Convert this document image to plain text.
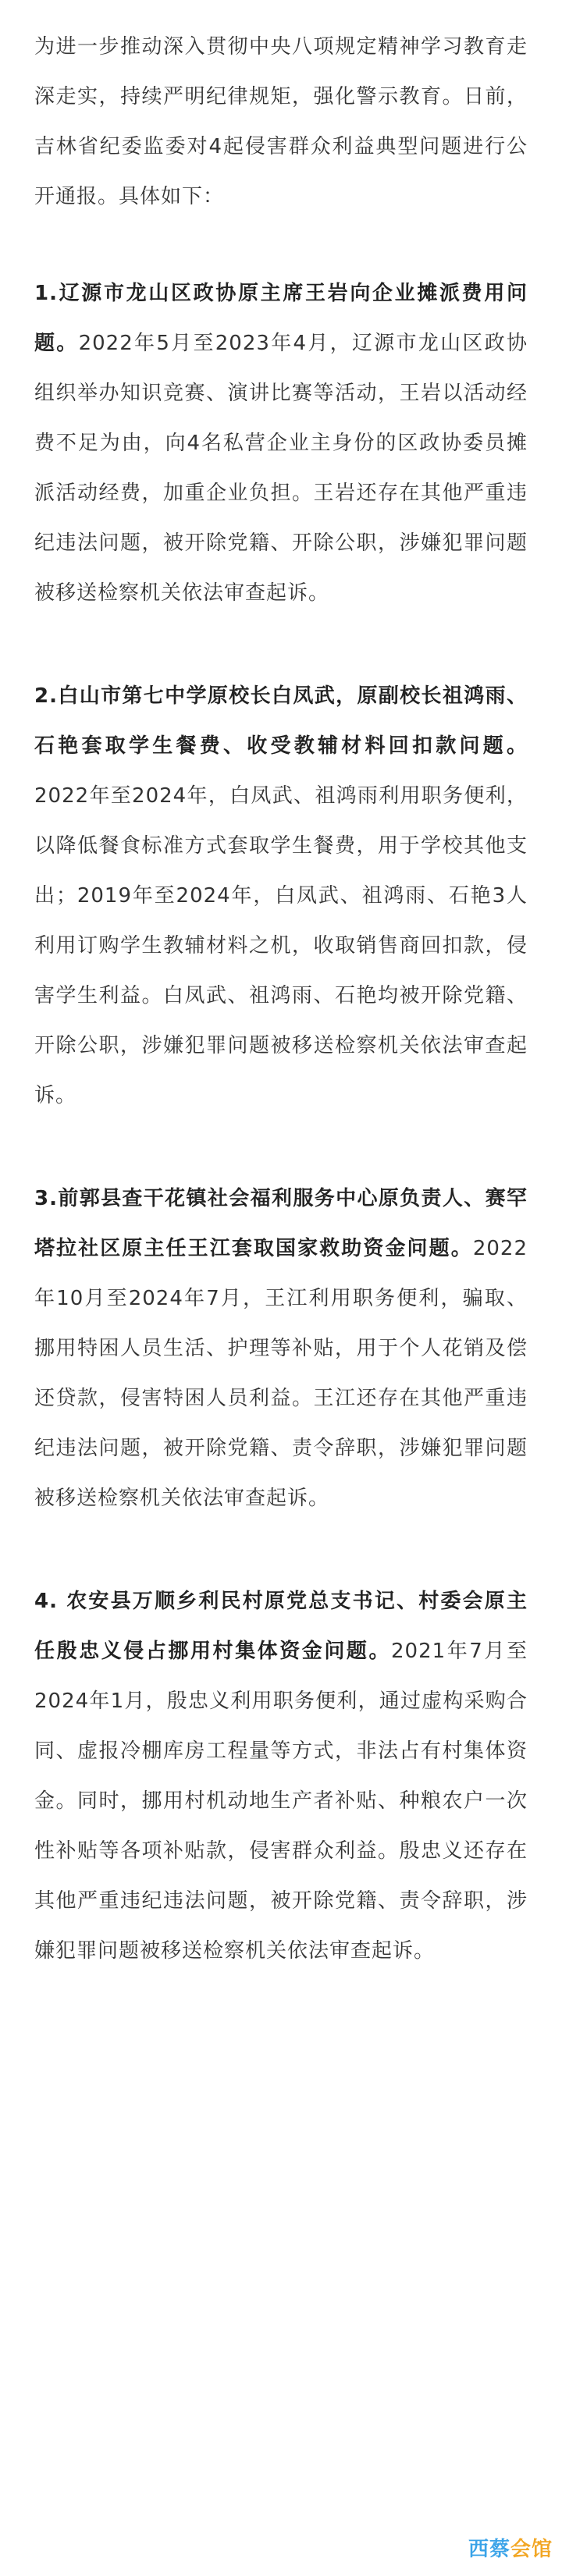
为进一步推动深入贯彻中央八项规定精神学习教育走深走实，持续严明纪律规矩，强化警示教育。日前，吉林省纪委监委对4起侵害群众利益典型问题进行公开通报。具体如下：

1.辽源市龙山区政协原主席王岩向企业摊派费用问题。2022年5月至2023年4月，辽源市龙山区政协组织举办知识竞赛、演讲比赛等活动，王岩以活动经费不足为由，向4名私营企业主身份的区政协委员摊派活动经费，加重企业负担。王岩还存在其他严重违纪违法问题，被开除党籍、开除公职，涉嫌犯罪问题被移送检察机关依法审查起诉。

2.白山市第七中学原校长白凤武，原副校长祖鸿雨、石艳套取学生餐费、收受教辅材料回扣款问题。2022年至2024年，白凤武、祖鸿雨利用职务便利，以降低餐食标准方式套取学生餐费，用于学校其他支出；2019年至2024年，白凤武、祖鸿雨、石艳3人利用订购学生教辅材料之机，收取销售商回扣款，侵害学生利益。白凤武、祖鸿雨、石艳均被开除党籍、开除公职，涉嫌犯罪问题被移送检察机关依法审查起诉。

3.前郭县查干花镇社会福利服务中心原负责人、赛罕塔拉社区原主任王江套取国家救助资金问题。2022年10月至2024年7月，王江利用职务便利，骗取、挪用特困人员生活、护理等补贴，用于个人花销及偿还贷款，侵害特困人员利益。王江还存在其他严重违纪违法问题，被开除党籍、责令辞职，涉嫌犯罪问题被移送检察机关依法审查起诉。

4. 农安县万顺乡利民村原党总支书记、村委会原主任殷忠义侵占挪用村集体资金问题。2021年7月至2024年1月，殷忠义利用职务便利，通过虚构采购合同、虚报冷棚库房工程量等方式，非法占有村集体资金。同时，挪用村机动地生产者补贴、种粮农户一次性补贴等各项补贴款，侵害群众利益。殷忠义还存在其他严重违纪违法问题，被开除党籍、责令辞职，涉嫌犯罪问题被移送检察机关依法审查起诉。

西蔡会馆
